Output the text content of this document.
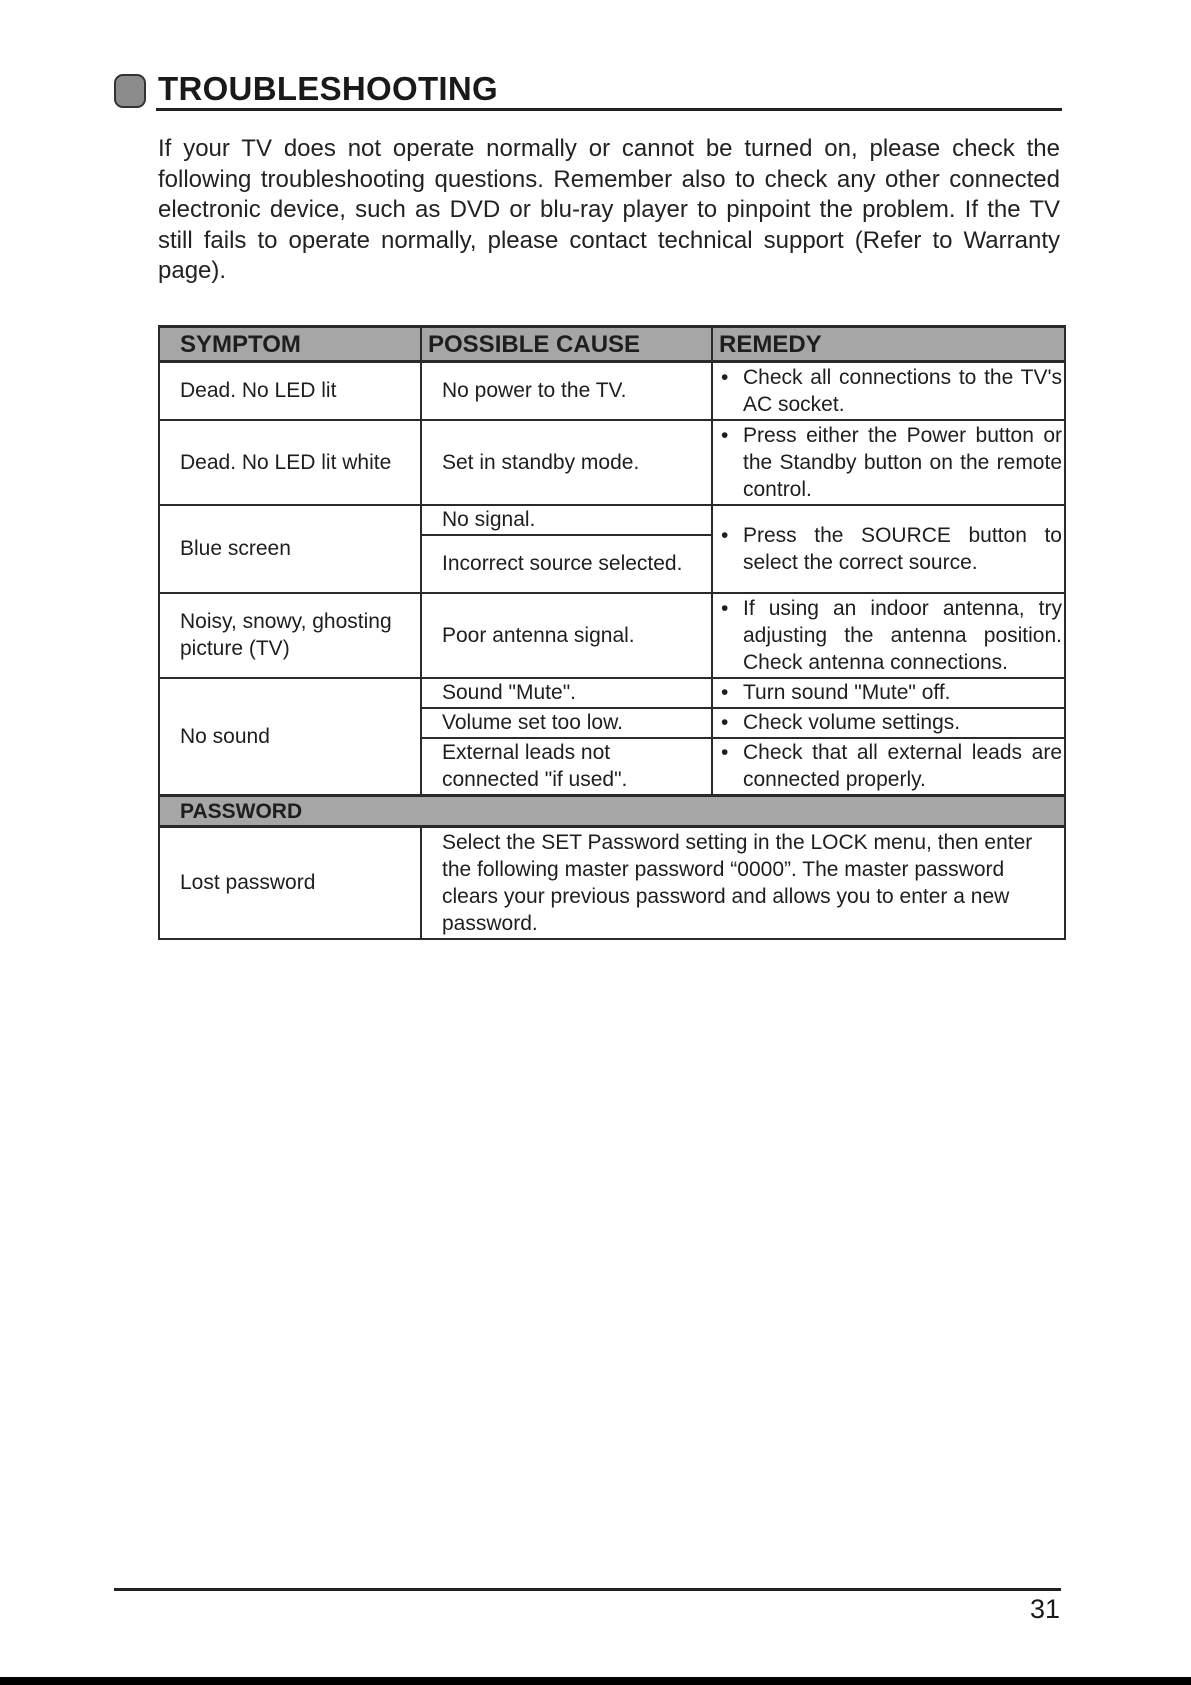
TROUBLESHOOTING

If your TV does not operate normally or cannot be turned on, please check the following troubleshooting questions. Remember also to check any other connected electronic device, such as DVD or blu-ray player to pinpoint the problem. If the TV still fails to operate normally, please contact technical support (Refer to Warranty page).

SYMPTOM	POSSIBLE CAUSE	REMEDY
Dead. No LED lit	No power to the TV.	• Check all connections to the TV's AC socket.

Dead. No LED lit white	Set in standby mode.	• Press either the Power button or the Standby button on the remote control.

Blue screen	No signal.	• Press the SOURCE button to select the correct source.

	Incorrect source selected.	
Noisy, snowy, ghosting picture (TV)	Poor antenna signal.	• If using an indoor antenna, try adjusting the antenna position. Check antenna connections.

No sound	Sound "Mute".	• Turn sound "Mute" off.

	Volume set too low.	• Check volume settings.

	External leads not connected "if used".	• Check that all external leads are connected properly.

PASSWORD		
Lost password	Select the SET Password setting in the LOCK menu, then enter the following master password “0000”. The master password clears your previous password and allows you to enter a new password.	
31
